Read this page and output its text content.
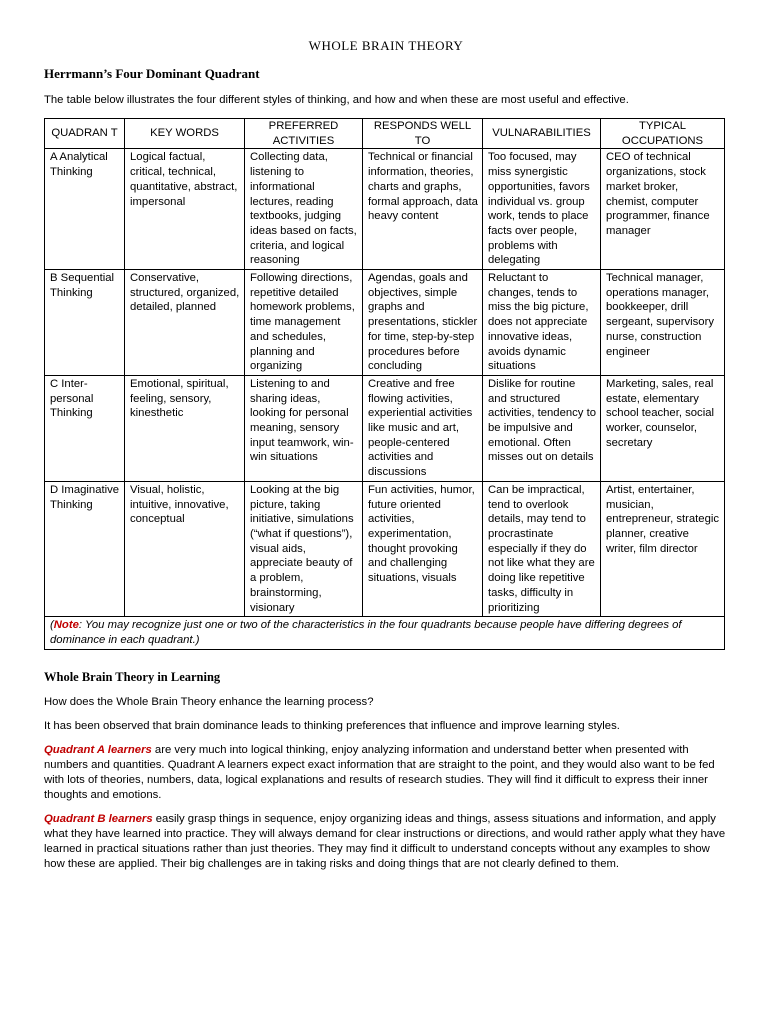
WHOLE BRAIN THEORY
Herrmann’s Four Dominant Quadrant
The table below illustrates the four different styles of thinking, and how and when these are most useful and effective.
QUADRAN T	KEY WORDS	PREFERRED ACTIVITIES	RESPONDS WELL TO	VULNARABILITIES	TYPICAL OCCUPATIONS
A Analytical Thinking	Logical factual, critical, technical, quantitative, abstract, impersonal	Collecting data, listening to informational lectures, reading textbooks, judging ideas based on facts, criteria, and logical reasoning	Technical or financial information, theories, charts and graphs, formal approach, data heavy content	Too focused, may miss synergistic opportunities, favors individual vs. group work, tends to place facts over people, problems with delegating	CEO of technical organizations, stock market broker, chemist, computer programmer, finance manager
B Sequential Thinking	Conservative, structured, organized, detailed, planned	Following directions, repetitive detailed homework problems, time management and schedules, planning and organizing	Agendas, goals and objectives, simple graphs and presentations, stickler for time, step-by-step procedures before concluding	Reluctant to changes, tends to miss the big picture, does not appreciate innovative ideas, avoids dynamic situations	Technical manager, operations manager, bookkeeper, drill sergeant, supervisory nurse, construction engineer
C Inter- personal Thinking	Emotional, spiritual, feeling, sensory, kinesthetic	Listening to and sharing ideas, looking for personal meaning, sensory input teamwork, win- win situations	Creative and free flowing activities, experiential activities like music and art, people-centered activities and discussions	Dislike for routine and structured activities, tendency to be impulsive and emotional. Often misses out on details	Marketing, sales, real estate, elementary school teacher, social worker, counselor, secretary
D Imaginative Thinking	Visual, holistic, intuitive, innovative, conceptual	Looking at the big picture, taking initiative, simulations (“what if questions”), visual aids, appreciate beauty of a problem, brainstorming, visionary	Fun activities, humor, future oriented activities, experimentation, thought provoking and challenging situations, visuals	Can be impractical, tend to overlook details, may tend to procrastinate especially if they do not like what they are doing like repetitive tasks, difficulty in prioritizing	Artist, entertainer, musician, entrepreneur, strategic planner, creative writer, film director
(Note: You may recognize just one or two of the characteristics in the four quadrants because people have differing degrees of dominance in each quadrant.)					
Whole Brain Theory in Learning
How does the Whole Brain Theory enhance the learning process?
It has been observed that brain dominance leads to thinking preferences that influence and improve learning styles.
Quadrant A learners are very much into logical thinking, enjoy analyzing information and understand better when presented with numbers and quantities. Quadrant A learners expect exact information that are straight to the point, and they would also want to be fed with lots of theories, numbers, data, logical explanations and results of research studies. They will find it difficult to express their inner thoughts and emotions.
Quadrant B learners easily grasp things in sequence, enjoy organizing ideas and things, assess situations and information, and apply what they have learned into practice. They will always demand for clear instructions or directions, and would rather apply what they have learned in practical situations rather than just theories. They may find it difficult to understand concepts without any examples to show how these are applied. Their big challenges are in taking risks and doing things that are not clearly defined to them.
